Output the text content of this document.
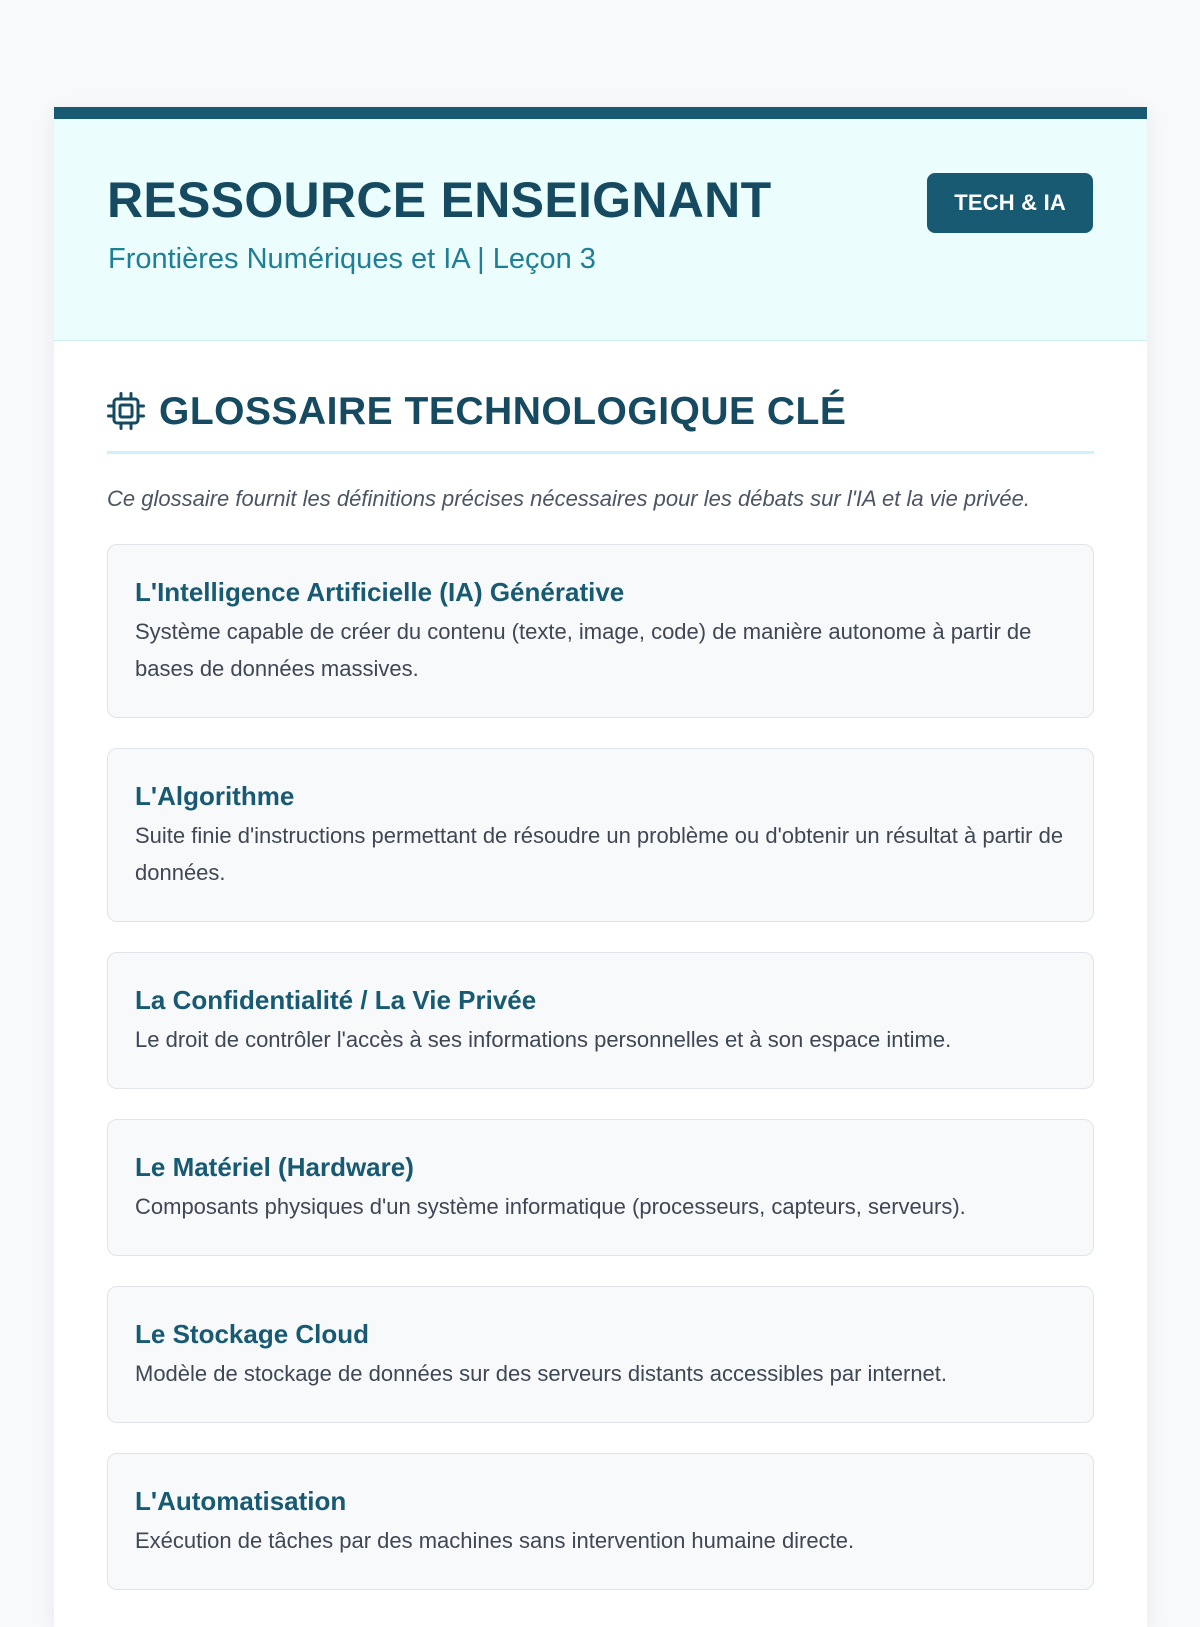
RESSOURCE ENSEIGNANT
Frontières Numériques et IA | Leçon 3
TECH & IA
GLOSSAIRE TECHNOLOGIQUE CLÉ
Ce glossaire fournit les définitions précises nécessaires pour les débats sur l'IA et la vie privée.
L'Intelligence Artificielle (IA) Générative
Système capable de créer du contenu (texte, image, code) de manière autonome à partir de bases de données massives.
L'Algorithme
Suite finie d'instructions permettant de résoudre un problème ou d'obtenir un résultat à partir de données.
La Confidentialité / La Vie Privée
Le droit de contrôler l'accès à ses informations personnelles et à son espace intime.
Le Matériel (Hardware)
Composants physiques d'un système informatique (processeurs, capteurs, serveurs).
Le Stockage Cloud
Modèle de stockage de données sur des serveurs distants accessibles par internet.
L'Automatisation
Exécution de tâches par des machines sans intervention humaine directe.
